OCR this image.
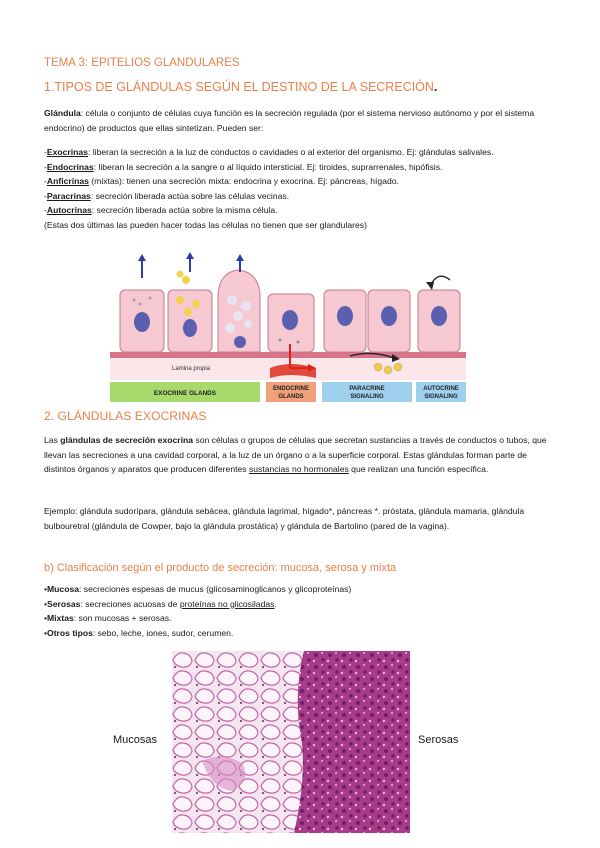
TEMA 3: EPITELIOS GLANDULARES
1.TIPOS DE GLÁNDULAS SEGÚN EL DESTINO DE LA SECRECIÓN.
Glándula: célula o conjunto de células cuya función es la secreción regulada (por el sistema nervioso autónomo y por el sistema endocrino) de productos que ellas sintetizan. Pueden ser:
-Exocrinas: liberan la secreción a la luz de conductos o cavidades o al exterior del organismo. Ej: glándulas salivales.
-Endocrinas: liberan la secreción a la sangre o al líquido intersticial. Ej: tiroides, suprarrenales, hipófisis.
-Anficrinas (mixtas): tienen una secreción mixta: endocrina y exocrina. Ej: páncreas, hígado.
-Paracrinas: secreción liberada actúa sobre las células vecinas.
-Autocrinas: secreción liberada actúa sobre la misma célula.
(Estas dos últimas las pueden hacer todas las células no tienen que ser glandulares)
Lamina propia
EXOCRINE GLANDS
ENDOCRINE
GLANDS
PARACRINE
SIGNALING
AUTOCRINE
SIGNALING
2. GLÁNDULAS EXOCRINAS
Las glándulas de secreción exocrina son células o grupos de células que secretan sustancias a través de conductos o tubos, que llevan las secreciones a una cavidad corporal, a la luz de un órgano o a la superficie corporal. Estas glándulas forman parte de distintos órganos y aparatos que producen diferentes sustancias no hormonales que realizan una función específica.
Ejemplo: glándula sudorípara, glándula sebácea, glándula lagrimal, hígado*, páncreas *. próstata, glándula mamaria, glándula bulbouretral (glándula de Cowper, bajo la glándula prostática) y glándula de Bartolino (pared de la vagina).
b) Clasificación según el producto de secreción: mucosa, serosa y mixta
•Mucosa: secreciones espesas de mucus (glicosaminoglicanos y glicoproteínas)
•Serosas: secreciones acuosas de proteínas no glicosiladas.
•Mixtas: son mucosas + serosas.
•Otros tipos: sebo, leche, iones, sudor, cerumen.
Mucosas	Serosas
